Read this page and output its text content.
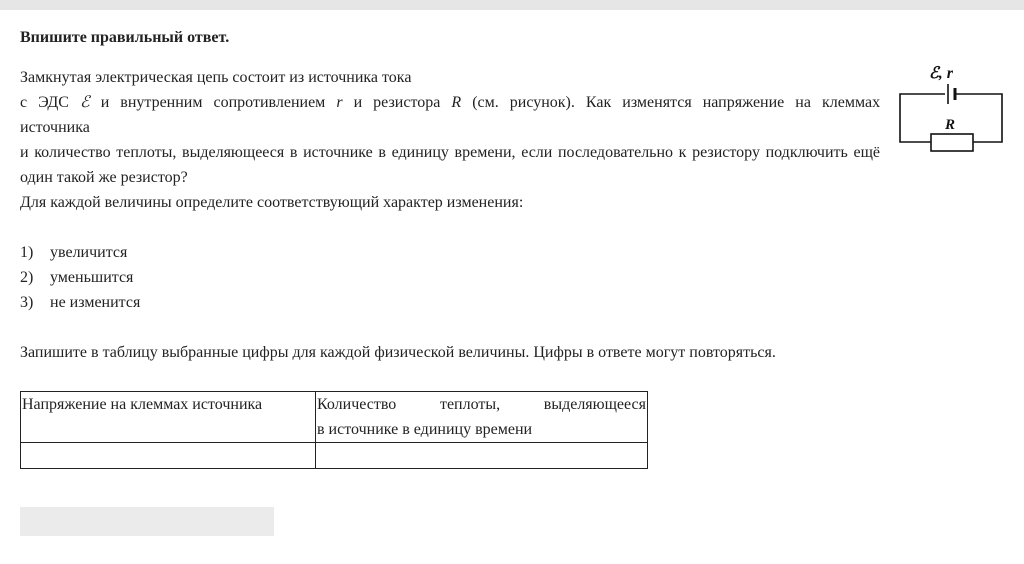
Впишите правильный ответ.
Замкнутая электрическая цепь состоит из источника тока
с ЭДС ℰ и внутренним сопротивлением r и резистора R (см. рисунок). Как изменятся напряжение на клеммах
источника
и количество теплоты, выделяющееся в источнике в единицу времени, если последовательно к резистору подключить ещё один такой же резистор?
Для каждой величины определите соответствующий характер изменения:
ℰ, r
R
1)	увеличится
2)	уменьшится
3)	не изменится
Запишите в таблицу выбранные цифры для каждой физической величины. Цифры в ответе могут повторяться.
Напряжение на клеммах источника	Количество теплоты, выделяющееся
в источнике в единицу времени
